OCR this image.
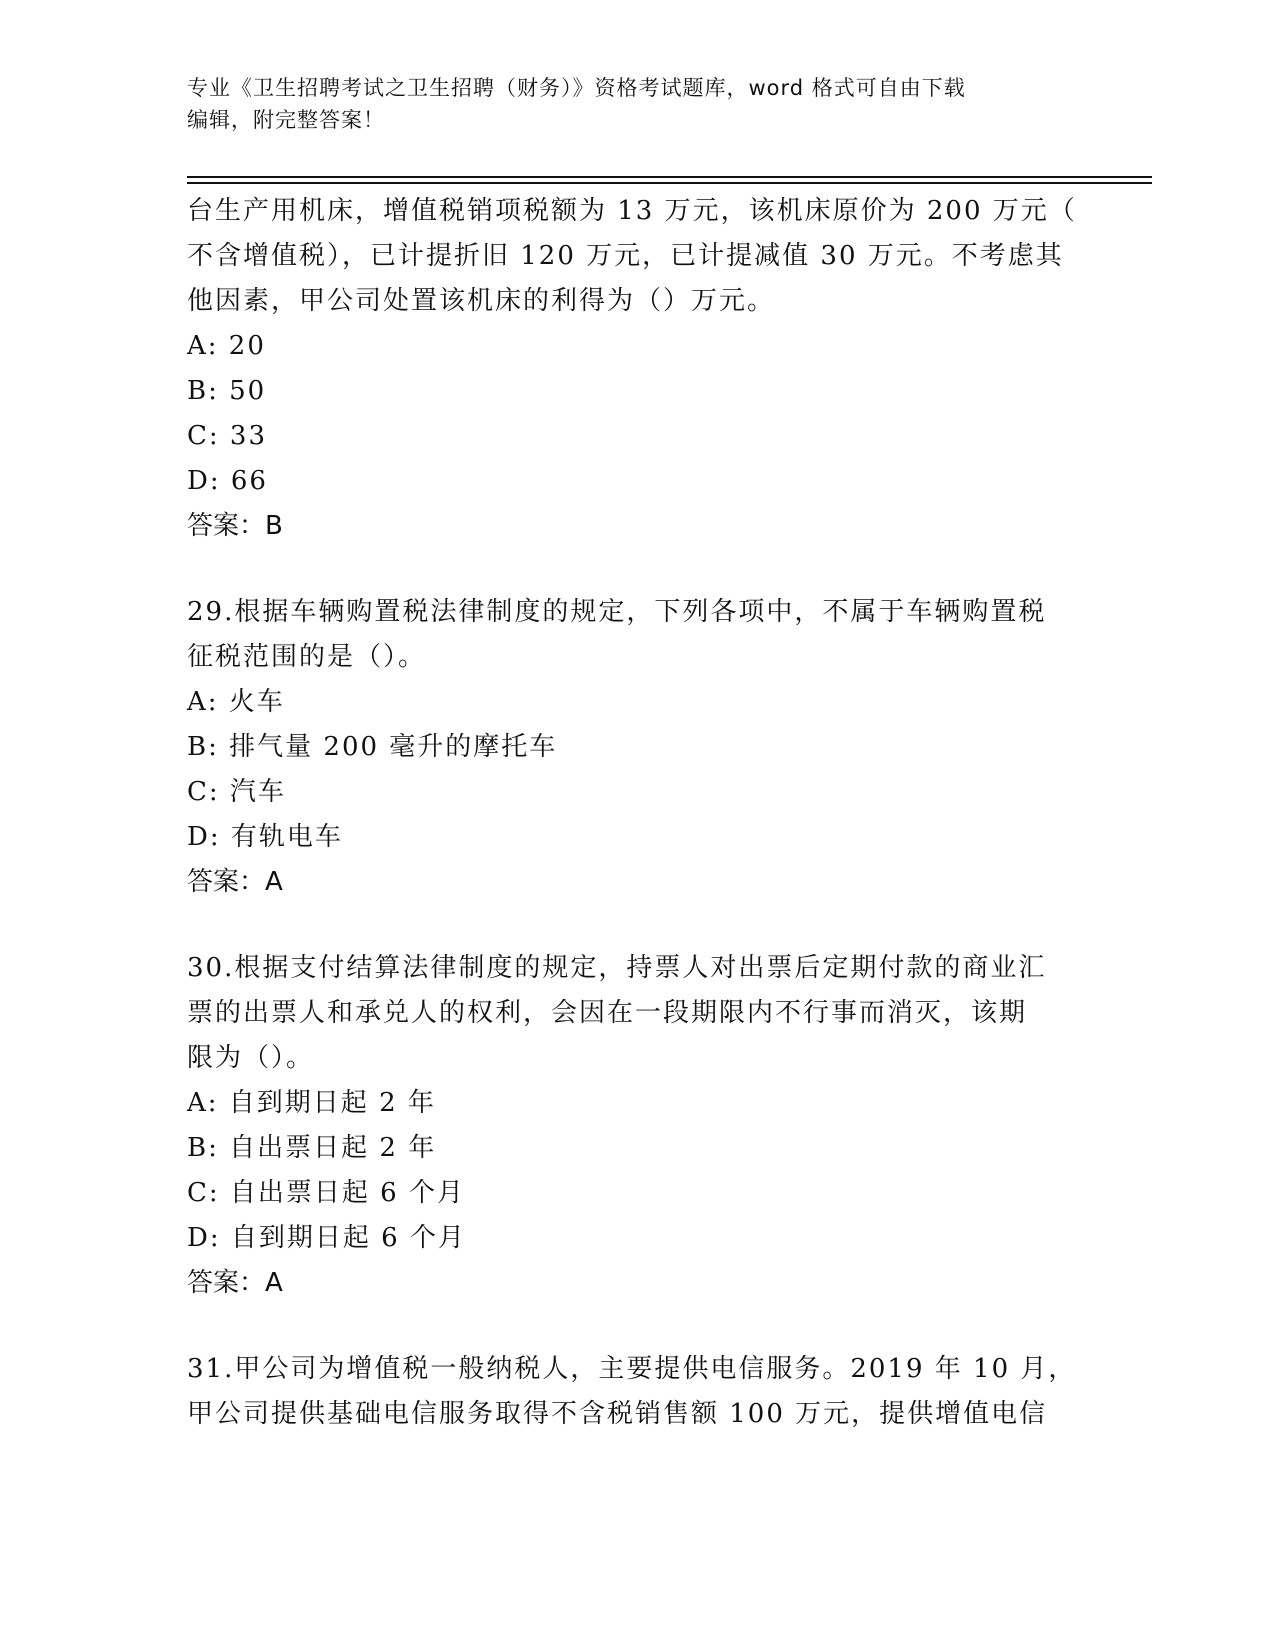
专业《卫生招聘考试之卫生招聘（财务）》资格考试题库，word 格式可自由下载
编辑，附完整答案！

台生产用机床，增值税销项税额为 13 万元，该机床原价为 200 万元（

不含增值税），已计提折旧 120 万元，已计提减值 30 万元。不考虑其

他因素，甲公司处置该机床的利得为（）万元。

A: 20

B: 50

C: 33

D: 66

答案：B

29.根据车辆购置税法律制度的规定，下列各项中，不属于车辆购置税

征税范围的是（）。

A: 火车

B: 排气量 200 毫升的摩托车

C: 汽车

D: 有轨电车

答案：A

30.根据支付结算法律制度的规定，持票人对出票后定期付款的商业汇

票的出票人和承兑人的权利，会因在一段期限内不行事而消灭，该期

限为（）。

A: 自到期日起 2 年

B: 自出票日起 2 年

C: 自出票日起 6 个月

D: 自到期日起 6 个月

答案：A

31.甲公司为增值税一般纳税人，主要提供电信服务。2019 年 10 月，

甲公司提供基础电信服务取得不含税销售额 100 万元，提供增值电信
